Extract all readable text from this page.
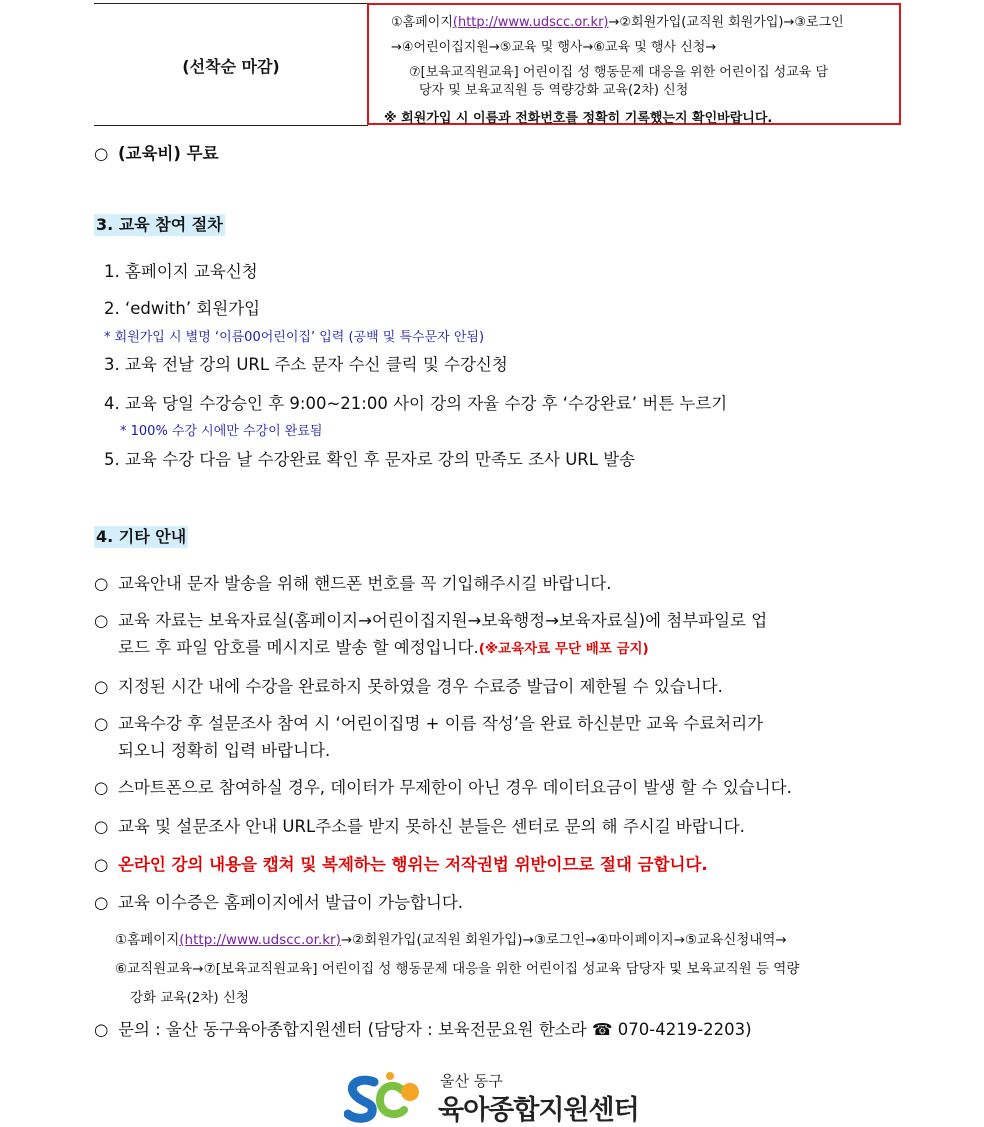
(선착순 마감)
①홈페이지(http://www.udscc.or.kr)→②회원가입(교직원 회원가입)→③로그인
→④어린이집지원→⑤교육 및 행사→⑥교육 및 행사 신청→
⑦[보육교직원교육] 어린이집 성 행동문제 대응을 위한 어린이집 성교육 담
당자 및 보육교직원 등 역량강화 교육(2차) 신청
※ 회원가입 시 이름과 전화번호를 정확히 기록했는지 확인바랍니다.
○ (교육비) 무료
3. 교육 참여 절차
1. 홈페이지 교육신청
2. ‘edwith’ 회원가입
* 회원가입 시 별명 ‘이름00어린이집’ 입력 (공백 및 특수문자 안됨)
3. 교육 전날 강의 URL 주소 문자 수신 클릭 및 수강신청
4. 교육 당일 수강승인 후 9:00~21:00 사이 강의 자율 수강 후 ‘수강완료’ 버튼 누르기
* 100% 수강 시에만 수강이 완료됨
5. 교육 수강 다음 날 수강완료 확인 후 문자로 강의 만족도 조사 URL 발송
4. 기타 안내
○ 교육안내 문자 발송을 위해 핸드폰 번호를 꼭 기입해주시길 바랍니다.
○ 교육 자료는 보육자료실(홈페이지→어린이집지원→보육행정→보육자료실)에 첨부파일로 업
로드 후 파일 암호를 메시지로 발송 할 예정입니다.(※교육자료 무단 배포 금지)
○ 지정된 시간 내에 수강을 완료하지 못하였을 경우 수료증 발급이 제한될 수 있습니다.
○ 교육수강 후 설문조사 참여 시 ‘어린이집명 + 이름 작성’을 완료 하신분만 교육 수료처리가
되오니 정확히 입력 바랍니다.
○ 스마트폰으로 참여하실 경우, 데이터가 무제한이 아닌 경우 데이터요금이 발생 할 수 있습니다.
○ 교육 및 설문조사 안내 URL주소를 받지 못하신 분들은 센터로 문의 해 주시길 바랍니다.
○ 온라인 강의 내용을 캡쳐 및 복제하는 행위는 저작권법 위반이므로 절대 금합니다.
○ 교육 이수증은 홈페이지에서 발급이 가능합니다.
①홈페이지(http://www.udscc.or.kr)→②회원가입(교직원 회원가입)→③로그인→④마이페이지→⑤교육신청내역→
⑥교직원교육→⑦[보육교직원교육] 어린이집 성 행동문제 대응을 위한 어린이집 성교육 담당자 및 보육교직원 등 역량
강화 교육(2차) 신청
○ 문의 : 울산 동구육아종합지원센터 (담당자 : 보육전문요원 한소라 ☎ 070-4219-2203)
울산 동구
육아종합지원센터
